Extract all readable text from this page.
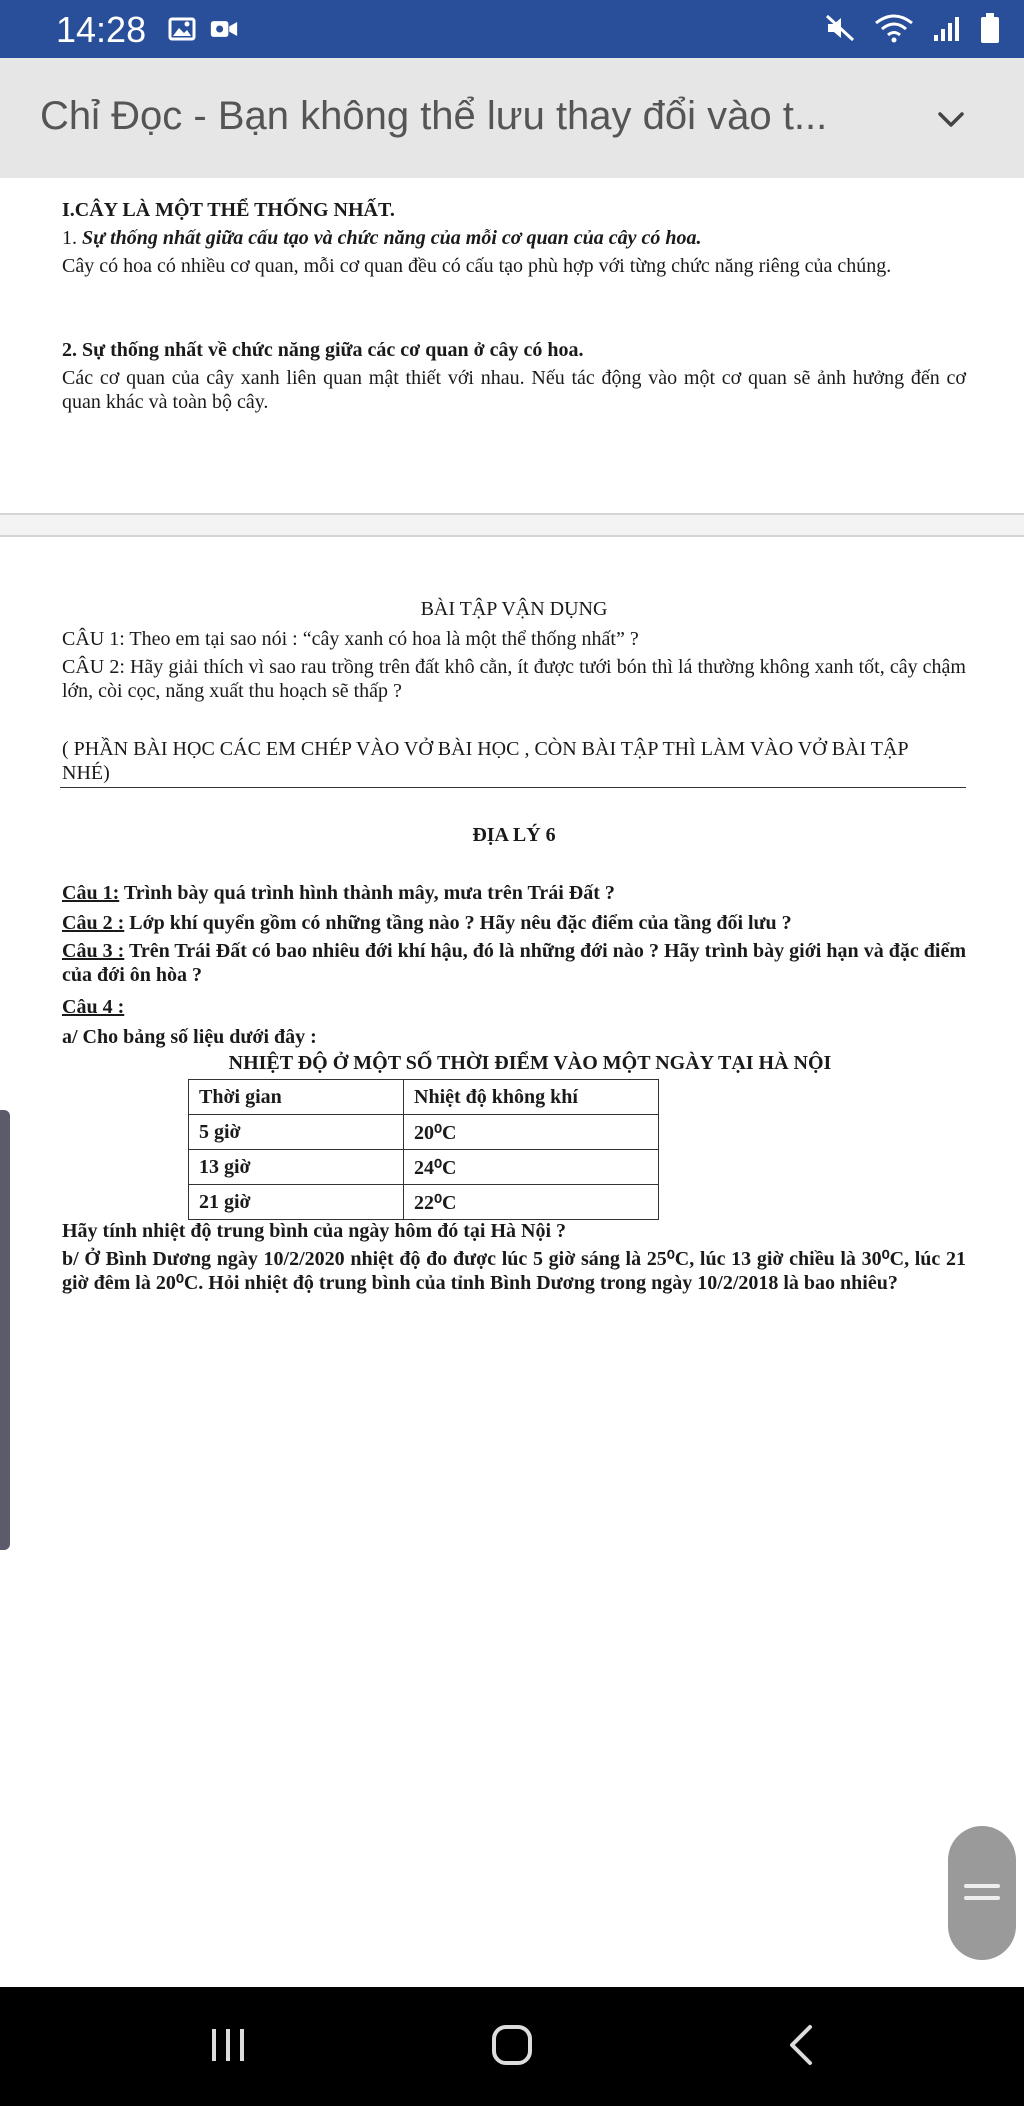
14:28
Chỉ Đọc - Bạn không thể lưu thay đổi vào t...
I.CÂY LÀ MỘT THỂ THỐNG NHẤT.
1. Sự thống nhất giữa cấu tạo và chức năng của mỗi cơ quan của cây có hoa.
Cây có hoa có nhiều cơ quan, mỗi cơ quan đều có cấu tạo phù hợp với từng chức năng riêng của chúng.
2. Sự thống nhất về chức năng giữa các cơ quan ở cây có hoa.
Các cơ quan của cây xanh liên quan mật thiết với nhau. Nếu tác động vào một cơ quan sẽ ảnh hưởng đến cơ quan khác và toàn bộ cây.
BÀI TẬP VẬN DỤNG
CÂU 1: Theo em tại sao nói : “cây xanh có hoa là một thể thống nhất” ?
CÂU 2: Hãy giải thích vì sao rau trồng trên đất khô cằn, ít được tưới bón thì lá thường không xanh tốt, cây chậm lớn, còi cọc, năng xuất thu hoạch sẽ thấp ?
( PHẦN BÀI HỌC CÁC EM CHÉP VÀO VỞ BÀI HỌC , CÒN BÀI TẬP THÌ LÀM VÀO VỞ BÀI TẬP NHÉ)
ĐỊA LÝ 6
Câu 1: Trình bày quá trình hình thành mây, mưa trên Trái Đất ?
Câu 2 : Lớp khí quyển gồm có những tầng nào ? Hãy nêu đặc điểm của tầng đối lưu ?
Câu 3 : Trên Trái Đất có bao nhiêu đới khí hậu, đó là những đới nào ? Hãy trình bày giới hạn và đặc điểm của đới ôn hòa ?
Câu 4 :
a/ Cho bảng số liệu dưới đây :
NHIỆT ĐỘ Ở MỘT SỐ THỜI ĐIỂM VÀO MỘT NGÀY TẠI HÀ NỘI
Thời gian	Nhiệt độ không khí
5 giờ	20⁰C
13 giờ	24⁰C
21 giờ	22⁰C
Hãy tính nhiệt độ trung bình của ngày hôm đó tại Hà Nội ?
b/ Ở Bình Dương ngày 10/2/2020 nhiệt độ đo được lúc 5 giờ sáng là 25⁰C, lúc 13 giờ chiều là 30⁰C, lúc 21 giờ đêm là 20⁰C. Hỏi nhiệt độ trung bình của tỉnh Bình Dương trong ngày 10/2/2018 là bao nhiêu?
